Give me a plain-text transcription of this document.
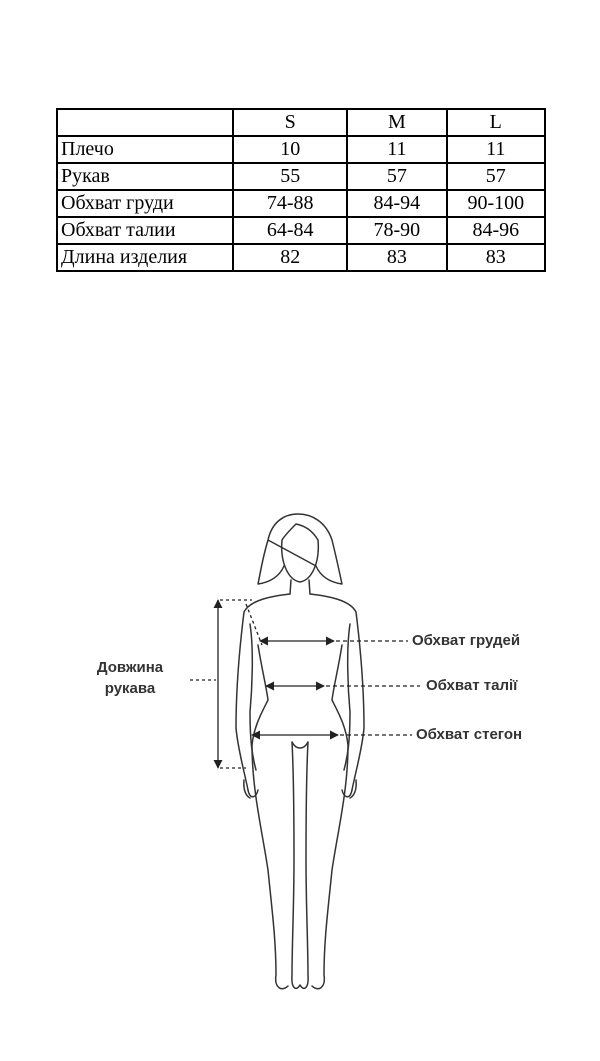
	S	M	L
Плечо	10	11	11
Рукав	55	57	57
Обхват груди	74-88	84-94	90-100
Обхват талии	64-84	78-90	84-96
Длина изделия	82	83	83
Довжина
рукава
Обхват грудей
Обхват талії
Обхват стегон
